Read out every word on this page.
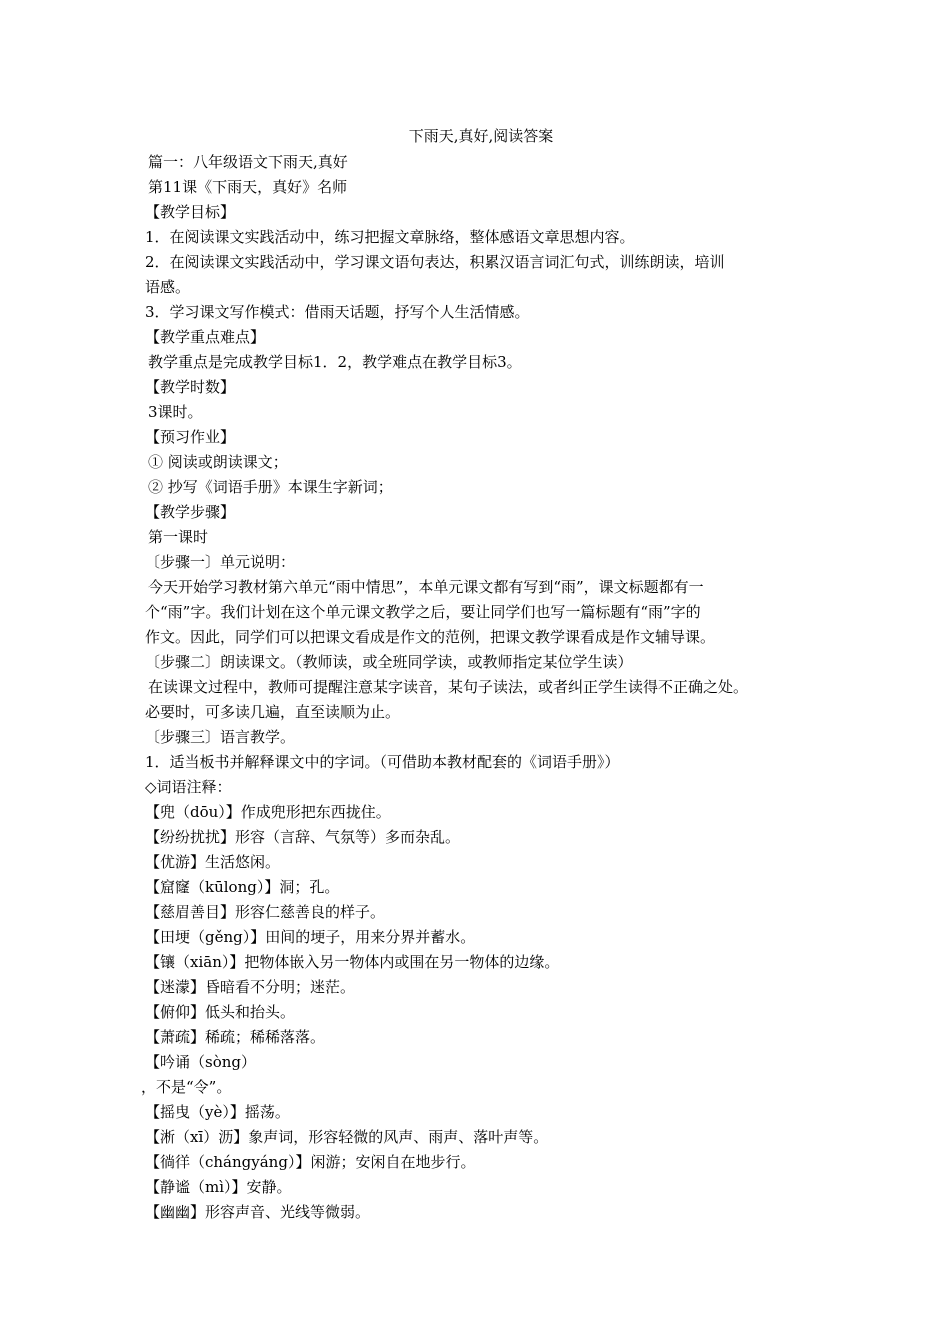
下雨天,真好,阅读答案

篇一：八年级语文下雨天,真好

第11课《下雨天，真好》名师

【教学目标】

1．在阅读课文实践活动中，练习把握文章脉络，整体感语文章思想内容。

2．在阅读课文实践活动中，学习课文语句表达，积累汉语言词汇句式，训练朗读，培训

语感。

3．学习课文写作模式：借雨天话题，抒写个人生活情感。

【教学重点难点】

教学重点是完成教学目标1．2，教学难点在教学目标3。

【教学时数】

3课时。

【预习作业】

① 阅读或朗读课文；

② 抄写《词语手册》本课生字新词；

【教学步骤】

第一课时

〔步骤一〕单元说明：

今天开始学习教材第六单元“雨中情思”，本单元课文都有写到“雨”，课文标题都有一

个“雨”字。我们计划在这个单元课文教学之后，要让同学们也写一篇标题有“雨”字的

作文。因此，同学们可以把课文看成是作文的范例，把课文教学课看成是作文辅导课。

〔步骤二〕朗读课文。（教师读，或全班同学读，或教师指定某位学生读）

在读课文过程中，教师可提醒注意某字读音，某句子读法，或者纠正学生读得不正确之处。

必要时，可多读几遍，直至读顺为止。

〔步骤三〕语言教学。

1．适当板书并解释课文中的字词。（可借助本教材配套的《词语手册》）

◇词语注释：

【兜（dōu）】作成兜形把东西拢住。

【纷纷扰扰】形容（言辞、气氛等）多而杂乱。

【优游】生活悠闲。

【窟窿（kūlong）】洞；孔。

【慈眉善目】形容仁慈善良的样子。

【田埂（gěng）】田间的埂子，用来分界并蓄水。

【镶（xiān）】把物体嵌入另一物体内或围在另一物体的边缘。

【迷濛】昏暗看不分明；迷茫。

【俯仰】低头和抬头。

【萧疏】稀疏；稀稀落落。

【吟诵（sòng）

，不是“令”。

【摇曳（yè）】摇荡。

【淅（xī）沥】象声词，形容轻微的风声、雨声、落叶声等。

【徜徉（chángyáng）】闲游；安闲自在地步行。

【静谧（mì）】安静。

【幽幽】形容声音、光线等微弱。
